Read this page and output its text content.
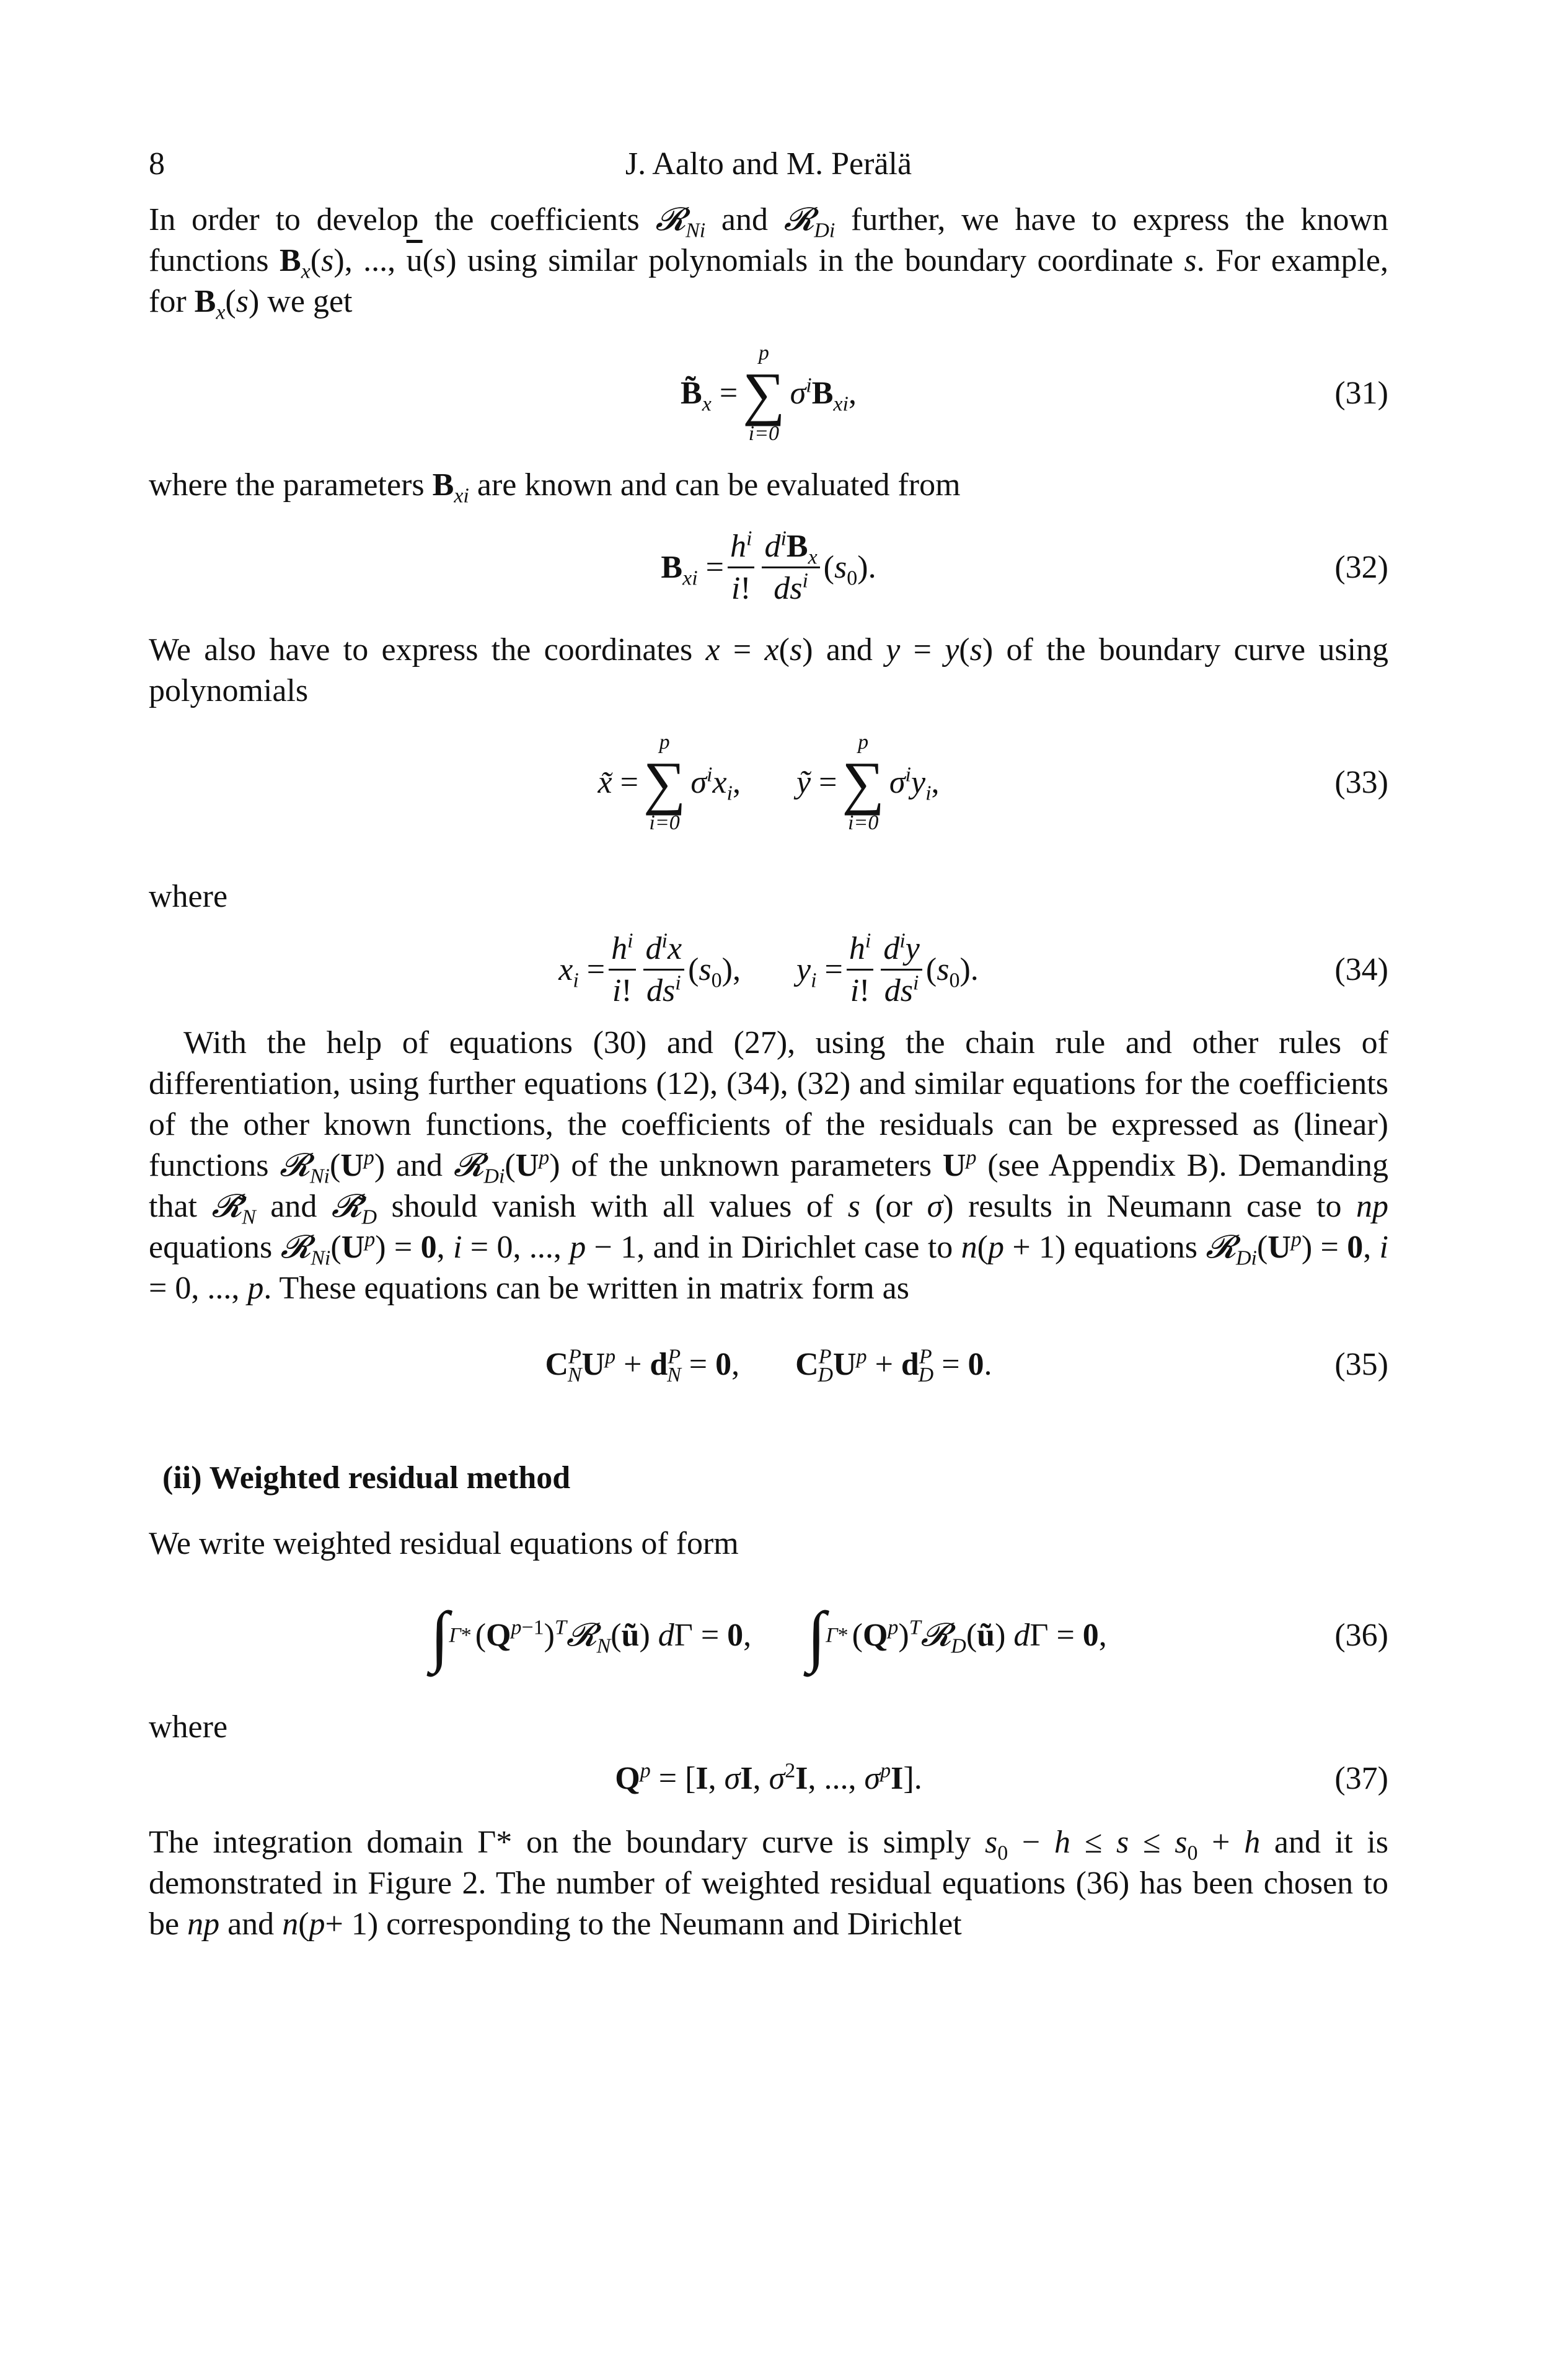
8	J. Aalto and M. Perälä

In order to develop the coefficients 𝓡$_{Ni}$ and 𝓡$_{Di}$ further, we have to express the known functions $B_x(s)$, ..., $\overline{u}(s)$ using similar polynomials in the boundary coordinate s. For example, for $B_x(s)$ we get

$B̃_x$ =
p
∑
i=0
$\sigma^iB_{xi}$,	(31)

where the parameters $B_{xi}$ are known and can be evaluated from

$B_{xi} = \frac{h^i}{i!} \frac{d^iB_x}{ds^i} (s_0)$.	(32)

We also have to express the coordinates x = x(s) and y = y(s) of the boundary curve using polynomials

x̃ =
p
∑
i=0
$\sigma^ix_i$, ỹ =
p
∑
i=0
$\sigma^iy_i$,	(33)

where

$x_i = \frac{h^i}{i!} \frac{d^ix}{ds^i} (s_0)$, $y_i = \frac{h^i}{i!} \frac{d^iy}{ds^i} (s_0)$.	(34)

With the help of equations (30) and (27), using the chain rule and other rules of differentiation, using further equations (12), (34), (32) and similar equations for the coefficients of the other known functions, the coefficients of the residuals can be expressed as (linear) functions $𝓡_{Ni}(U^p)$ and $𝓡_{Di}(U^p)$ of the unknown parameters $U^p$ (see Appendix B). Demanding that $𝓡̃_N$ and $𝓡̃_D$ should vanish with all values of s (or σ) results in Neumann case to np equations $𝓡_{Ni}(U^p) = 0$, i = 0, ..., p − 1, and in Dirichlet case to n(p + 1) equations $𝓡_{Di}(U^p) = 0$, i = 0, ..., p. These equations can be written in matrix form as

$C^P_NU^p + d^P_N = 0$, $C^P_DU^p + d^P_D = 0$.	(35)

(ii) Weighted residual method

We write weighted residual equations of form

∫ Γ* $(Q^{p-1})^T𝓡_N(ũ) d\Gamma = 0$, ∫ Γ* $(Q^p)^T𝓡_D(ũ) d\Gamma = 0$,	(36)

where

$Q^p = [I$, σI, $\sigma^2I$, ..., $\sigma^pI$].	(37)

The integration domain Γ* on the boundary curve is simply $s_0 - h \le s \le s_0 + h$ and it is demonstrated in Figure 2. The number of weighted residual equations (36) has been chosen to be np and n(p+ 1) corresponding to the Neumann and Dirichlet
